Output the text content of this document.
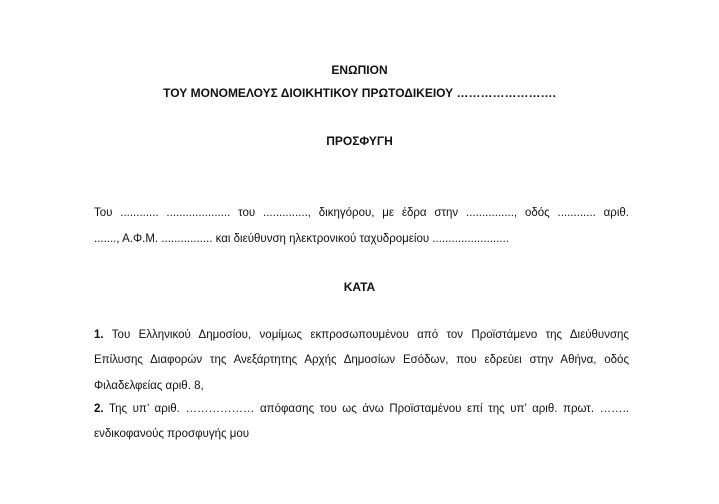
ΕΝΩΠΙΟΝ
ΤΟΥ ΜΟΝΟΜΕΛΟΥΣ ΔΙΟΙΚΗΤΙΚΟΥ ΠΡΩΤΟΔΙΚΕΙΟΥ …………………….
ΠΡΟΣΦΥΓΗ
Του ............ .................... του .............., δικηγόρου, με έδρα στην ..............., οδός ............ αριθ.
......., Α.Φ.Μ. ................ και διεύθυνση ηλεκτρονικού ταχυδρομείου ........................
ΚΑΤΑ
1. Του Ελληνικού Δημοσίου, νομίμως εκπροσωπουμένου από τον Προϊστάμενο της Διεύθυνσης
Επίλυσης Διαφορών της Ανεξάρτητης Αρχής Δημοσίων Εσόδων, που εδρεύει στην Αθήνα, οδός
Φιλαδελφείας αριθ. 8,
2. Της υπ’ αριθ. ……………… απόφασης του ως άνω Προϊσταμένου επί της υπ’ αριθ. πρωτ. ……..
ενδικοφανούς προσφυγής μου
